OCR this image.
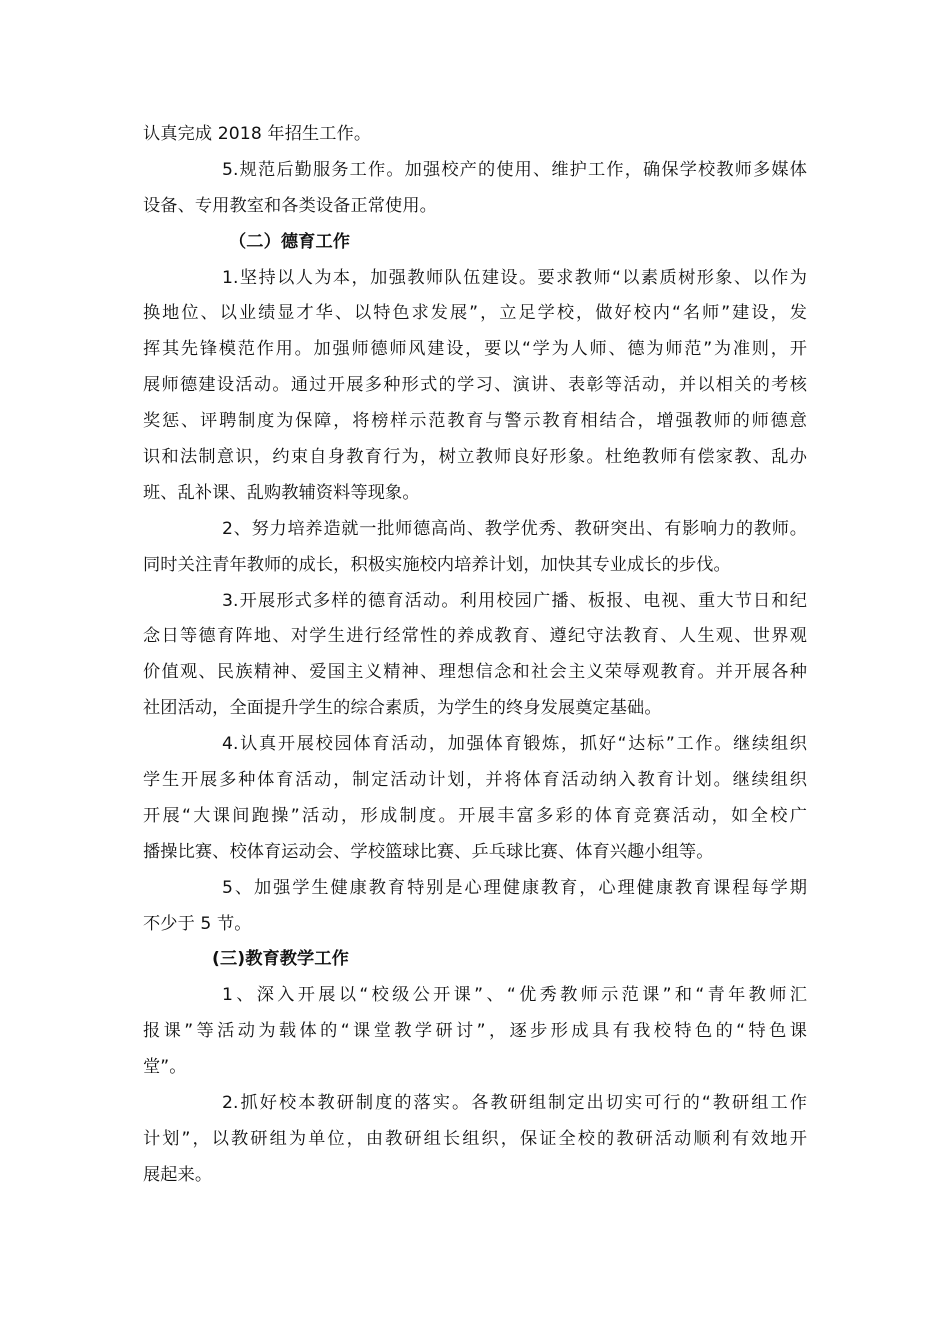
认真完成 2018 年招生工作。
5.规范后勤服务工作。加强校产的使用、维护工作，确保学校教师多媒体
设备、专用教室和各类设备正常使用。
（二）德育工作
1.坚持以人为本，加强教师队伍建设。要求教师“以素质树形象、以作为
换地位、以业绩显才华、以特色求发展”，立足学校，做好校内“名师”建设，发
挥其先锋模范作用。加强师德师风建设，要以“学为人师、德为师范”为准则，开
展师德建设活动。通过开展多种形式的学习、演讲、表彰等活动，并以相关的考核
奖惩、评聘制度为保障，将榜样示范教育与警示教育相结合，增强教师的师德意
识和法制意识，约束自身教育行为，树立教师良好形象。杜绝教师有偿家教、乱办
班、乱补课、乱购教辅资料等现象。
2、努力培养造就一批师德高尚、教学优秀、教研突出、有影响力的教师。
同时关注青年教师的成长，积极实施校内培养计划，加快其专业成长的步伐。
3.开展形式多样的德育活动。利用校园广播、板报、电视、重大节日和纪
念日等德育阵地、对学生进行经常性的养成教育、遵纪守法教育、人生观、世界观
价值观、民族精神、爱国主义精神、理想信念和社会主义荣辱观教育。并开展各种
社团活动，全面提升学生的综合素质，为学生的终身发展奠定基础。
4.认真开展校园体育活动，加强体育锻炼，抓好“达标”工作。继续组织
学生开展多种体育活动，制定活动计划，并将体育活动纳入教育计划。继续组织
开展“大课间跑操”活动，形成制度。开展丰富多彩的体育竞赛活动，如全校广
播操比赛、校体育运动会、学校篮球比赛、乒乓球比赛、体育兴趣小组等。
5、加强学生健康教育特别是心理健康教育，心理健康教育课程每学期
不少于 5 节。
(三)教育教学工作
1、深入开展以“校级公开课”、“优秀教师示范课”和“青年教师汇
报课”等活动为载体的“课堂教学研讨”，逐步形成具有我校特色的“特色课
堂”。
2.抓好校本教研制度的落实。各教研组制定出切实可行的“教研组工作
计划”，以教研组为单位，由教研组长组织，保证全校的教研活动顺利有效地开
展起来。
